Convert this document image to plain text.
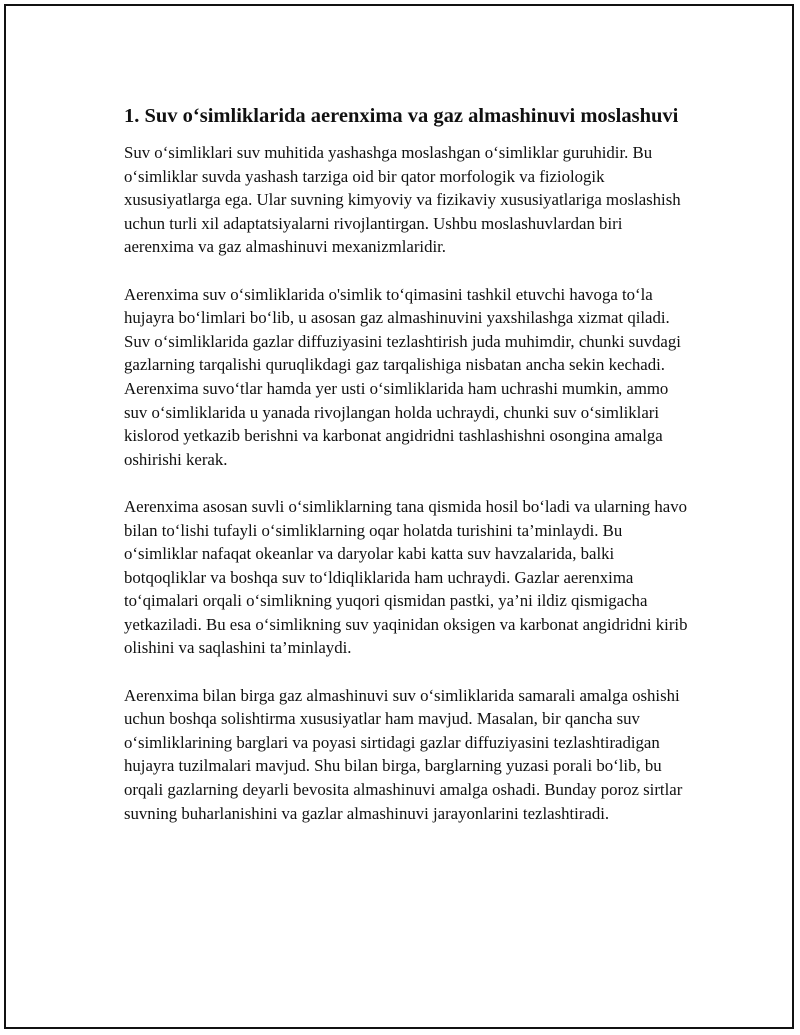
1. Suv o‘simliklarida aerenxima va gaz almashinuvi moslashuvi

Suv o‘simliklari suv muhitida yashashga moslashgan o‘simliklar guruhidir. Bu o‘simliklar suvda yashash tarziga oid bir qator morfologik va fiziologik xususiyatlarga ega. Ular suvning kimyoviy va fizikaviy xususiyatlariga moslashish uchun turli xil adaptatsiyalarni rivojlantirgan. Ushbu moslashuvlardan biri aerenxima va gaz almashinuvi mexanizmlaridir.

Aerenxima suv o‘simliklarida o'simlik to‘qimasini tashkil etuvchi havoga to‘la hujayra bo‘limlari bo‘lib, u asosan gaz almashinuvini yaxshilashga xizmat qiladi. Suv o‘simliklarida gazlar diffuziyasini tezlashtirish juda muhimdir, chunki suvdagi gazlarning tarqalishi quruqlikdagi gaz tarqalishiga nisbatan ancha sekin kechadi. Aerenxima suvo‘tlar hamda yer usti o‘simliklarida ham uchrashi mumkin, ammo suv o‘simliklarida u yanada rivojlangan holda uchraydi, chunki suv o‘simliklari kislorod yetkazib berishni va karbonat angidridni tashlashishni osongina amalga oshirishi kerak.

Aerenxima asosan suvli o‘simliklarning tana qismida hosil bo‘ladi va ularning havo bilan to‘lishi tufayli o‘simliklarning oqar holatda turishini ta’minlaydi. Bu o‘simliklar nafaqat okeanlar va daryolar kabi katta suv havzalarida, balki botqoqliklar va boshqa suv to‘ldiqliklarida ham uchraydi. Gazlar aerenxima to‘qimalari orqali o‘simlikning yuqori qismidan pastki, ya’ni ildiz qismigacha yetkaziladi. Bu esa o‘simlikning suv yaqinidan oksigen va karbonat angidridni kirib olishini va saqlashini ta’minlaydi.

Aerenxima bilan birga gaz almashinuvi suv o‘simliklarida samarali amalga oshishi uchun boshqa solishtirma xususiyatlar ham mavjud. Masalan, bir qancha suv o‘simliklarining barglari va poyasi sirtidagi gazlar diffuziyasini tezlashtiradigan hujayra tuzilmalari mavjud. Shu bilan birga, barglarning yuzasi porali bo‘lib, bu orqali gazlarning deyarli bevosita almashinuvi amalga oshadi. Bunday poroz sirtlar suvning buharlanishini va gazlar almashinuvi jarayonlarini tezlashtiradi.
